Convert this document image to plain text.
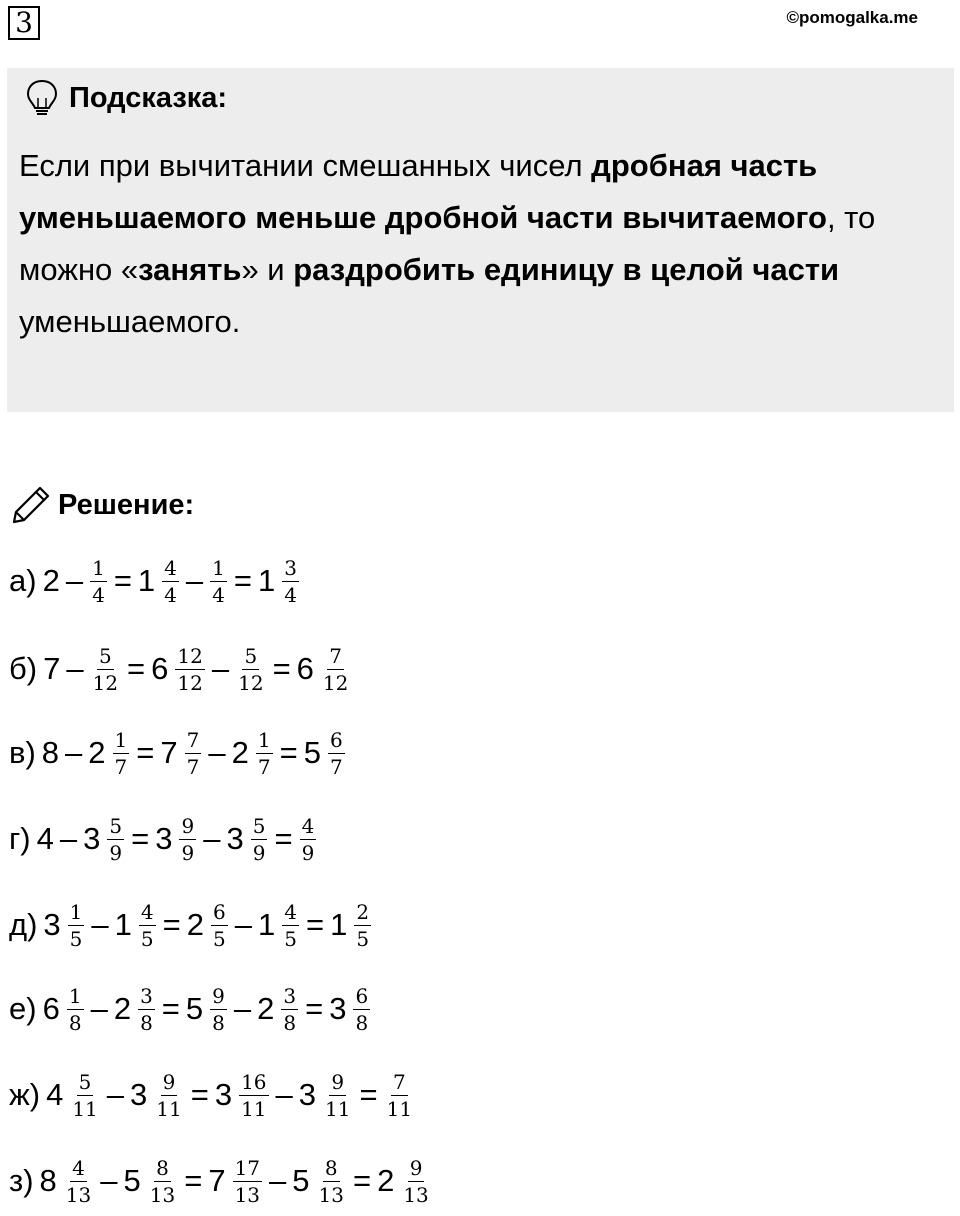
3	©pomogalka.me
Подсказка:
Если при вычитании смешанных чисел дробная часть уменьшаемого меньше дробной части вычитаемого, то можно «занять» и раздробить единицу в целой части уменьшаемого.
Решение:
а) $2 - \frac{1}{4} = 1 \frac{4}{4} - \frac{1}{4} = 1 \frac{3}{4}$
б) $7 - \frac{5}{12} = 6 \frac{12}{12} - \frac{5}{12} = 6 \frac{7}{12}$
в) $8 - 2 \frac{1}{7} = 7 \frac{7}{7} - 2 \frac{1}{7} = 5 \frac{6}{7}$
г) $4 - 3 \frac{5}{9} = 3 \frac{9}{9} - 3 \frac{5}{9} = \frac{4}{9}$
д) $3 \frac{1}{5} - 1 \frac{4}{5} = 2 \frac{6}{5} - 1 \frac{4}{5} = 1 \frac{2}{5}$
е) $6 \frac{1}{8} - 2 \frac{3}{8} = 5 \frac{9}{8} - 2 \frac{3}{8} = 3 \frac{6}{8}$
ж) $4 \frac{5}{11} - 3 \frac{9}{11} = 3 \frac{16}{11} - 3 \frac{9}{11} = \frac{7}{11}$
з) $8 \frac{4}{13} - 5 \frac{8}{13} = 7 \frac{17}{13} - 5 \frac{8}{13} = 2 \frac{9}{13}$
